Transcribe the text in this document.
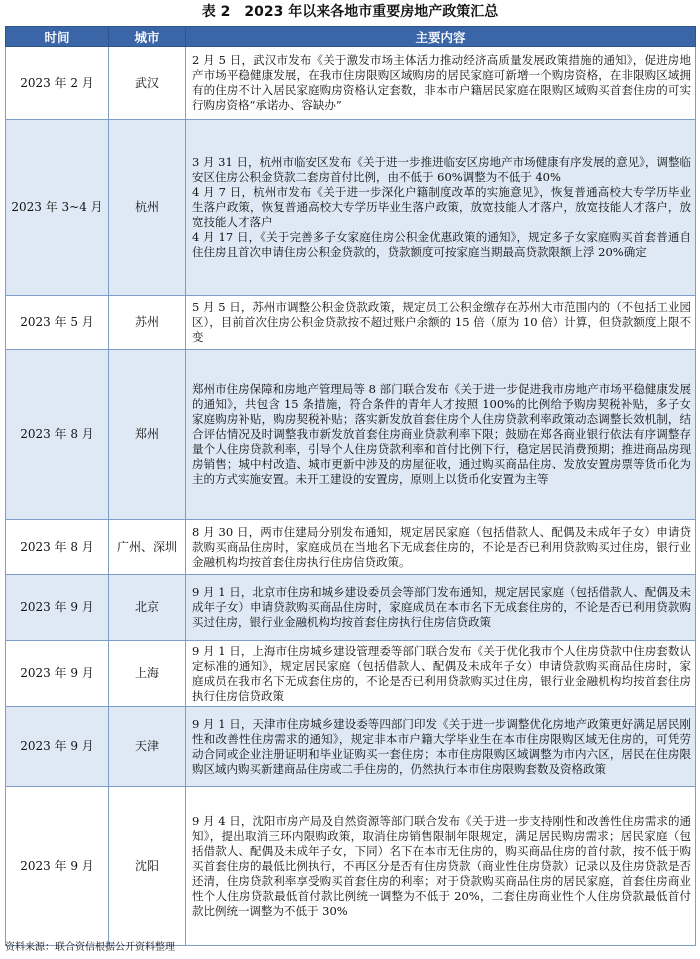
表 2　2023 年以来各地市重要房地产政策汇总
时间	城市	主要内容
2023 年 2 月	武汉	2 月 5 日，武汉市发布《关于激发市场主体活力推动经济高质量发展政策措施的通知》，促进房地产市场平稳健康发展，在我市住房限购区域购房的居民家庭可新增一个购房资格，在非限购区域拥有的住房不计入居民家庭购房资格认定套数，非本市户籍居民家庭在限购区域购买首套住房的可实行购房资格“承诺办、容缺办”

2023 年 3~4 月	杭州	3 月 31 日，杭州市临安区发布《关于进一步推进临安区房地产市场健康有序发展的意见》，调整临安区住房公积金贷款二套房首付比例，由不低于 60%调整为不低于 40%
4 月 7 日，杭州市发布《关于进一步深化户籍制度改革的实施意见》，恢复普通高校大专学历毕业生落户政策，恢复普通高校大专学历毕业生落户政策，放宽技能人才落户，放宽技能人才落户，放宽技能人才落户
4 月 17 日，《关于完善多子女家庭住房公积金优惠政策的通知》，规定多子女家庭购买首套普通自住住房且首次申请住房公积金贷款的，贷款额度可按家庭当期最高贷款限额上浮 20%确定

2023 年 5 月	苏州	5 月 5 日，苏州市调整公积金贷款政策，规定员工公积金缴存在苏州大市范围内的（不包括工业园区），目前首次住房公积金贷款按不超过账户余额的 15 倍（原为 10 倍）计算，但贷款额度上限不变

2023 年 8 月	郑州	郑州市住房保障和房地产管理局等 8 部门联合发布《关于进一步促进我市房地产市场平稳健康发展的通知》，共包含 15 条措施，符合条件的青年人才按照 100%的比例给予购房契税补贴，多子女家庭购房补贴，购房契税补贴；落实新发放首套住房个人住房贷款利率政策动态调整长效机制，结合评估情况及时调整我市新发放首套住房商业贷款利率下限；鼓励在郑各商业银行依法有序调整存量个人住房贷款利率，引导个人住房贷款利率和首付比例下行，稳定居民消费预期；推进商品房现房销售；城中村改造、城市更新中涉及的房屋征收，通过购买商品住房、发放安置房票等货币化为主的方式实施安置。未开工建设的安置房，原则上以货币化安置为主等

2023 年 8 月	广州、深圳	8 月 30 日，两市住建局分别发布通知，规定居民家庭（包括借款人、配偶及未成年子女）申请贷款购买商品住房时，家庭成员在当地名下无成套住房的，不论是否已利用贷款购买过住房，银行业金融机构均按首套住房执行住房信贷政策。

2023 年 9 月	北京	9 月 1 日，北京市住房和城乡建设委员会等部门发布通知，规定居民家庭（包括借款人、配偶及未成年子女）申请贷款购买商品住房时，家庭成员在本市名下无成套住房的，不论是否已利用贷款购买过住房，银行业金融机构均按首套住房执行住房信贷政策

2023 年 9 月	上海	9 月 1 日，上海市住房城乡建设管理委等部门联合发布《关于优化我市个人住房贷款中住房套数认定标准的通知》，规定居民家庭（包括借款人、配偶及未成年子女）申请贷款购买商品住房时，家庭成员在我市名下无成套住房的，不论是否已利用贷款购买过住房，银行业金融机构均按首套住房执行住房信贷政策

2023 年 9 月	天津	9 月 1 日，天津市住房城乡建设委等四部门印发《关于进一步调整优化房地产政策更好满足居民刚性和改善性住房需求的通知》，规定非本市户籍大学毕业生在本市住房限购区域无住房的，可凭劳动合同或企业注册证明和毕业证购买一套住房；本市住房限购区域调整为市内六区，居民在住房限购区域内购买新建商品住房或二手住房的，仍然执行本市住房限购套数及资格政策

2023 年 9 月	沈阳	9 月 4 日，沈阳市房产局及自然资源等部门联合发布《关于进一步支持刚性和改善性住房需求的通知》，提出取消三环内限购政策，取消住房销售限制年限规定，满足居民购房需求；居民家庭（包括借款人、配偶及未成年子女，下同）名下在本市无住房的，购买商品住房的首付款，按不低于购买首套住房的最低比例执行，不再区分是否有住房贷款（商业性住房贷款）记录以及住房贷款是否还清，住房贷款利率享受购买首套住房的利率；对于贷款购买商品住房的居民家庭，首套住房商业性个人住房贷款最低首付款比例统一调整为不低于 20%，二套住房商业性个人住房贷款最低首付款比例统一调整为不低于 30%
资料来源：联合资信根据公开资料整理
